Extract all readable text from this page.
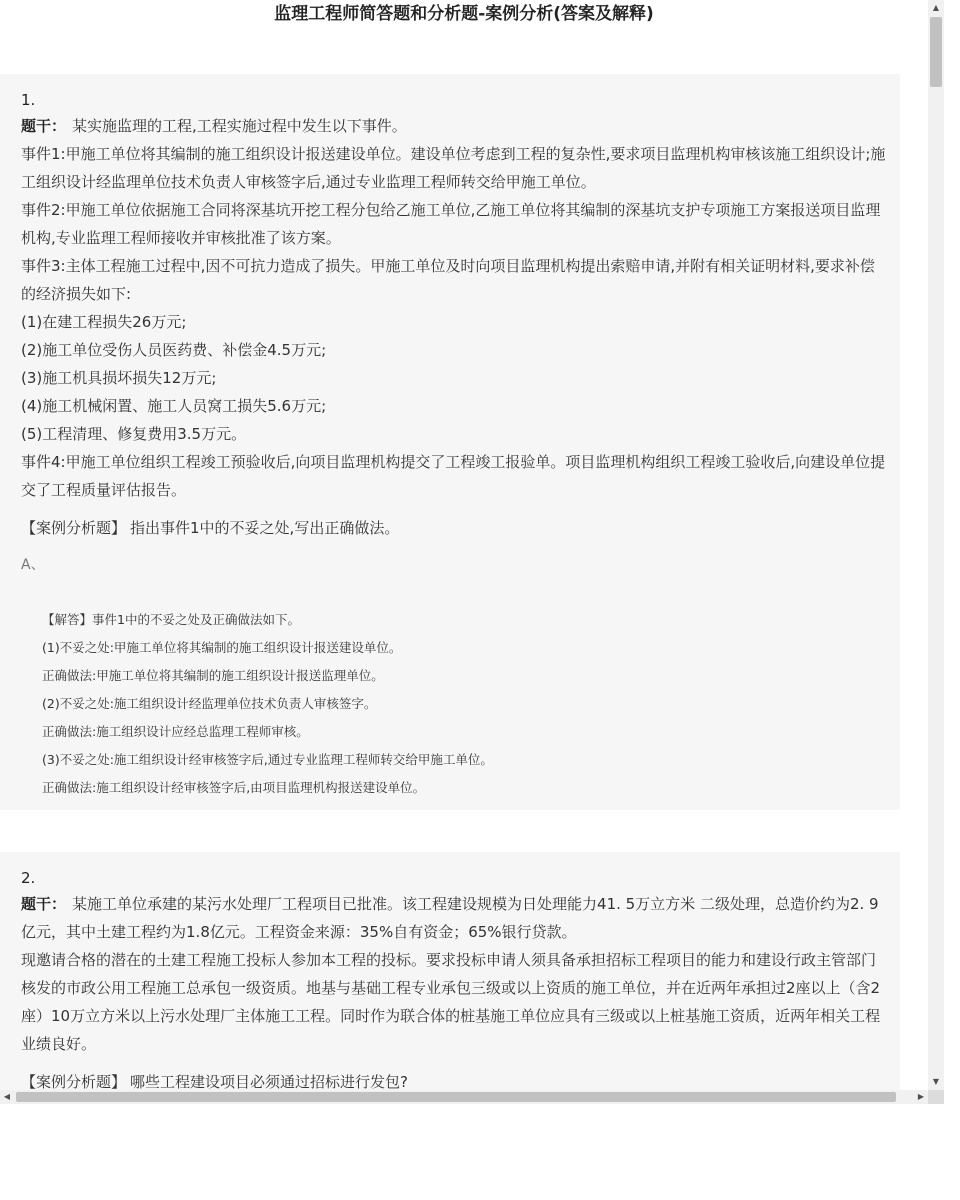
监理工程师简答题和分析题-案例分析(答案及解释)
1.

题干： 某实施监理的工程,工程实施过程中发生以下事件。

事件1:甲施工单位将其编制的施工组织设计报送建设单位。建设单位考虑到工程的复杂性,要求项目监理机构审核该施工组织设计;施工组织设计经监理单位技术负责人审核签字后,通过专业监理工程师转交给甲施工单位。

事件2:甲施工单位依据施工合同将深基坑开挖工程分包给乙施工单位,乙施工单位将其编制的深基坑支护专项施工方案报送项目监理机构,专业监理工程师接收并审核批准了该方案。

事件3:主体工程施工过程中,因不可抗力造成了损失。甲施工单位及时向项目监理机构提出索赔申请,并附有相关证明材料,要求补偿的经济损失如下:

(1)在建工程损失26万元;

(2)施工单位受伤人员医药费、补偿金4.5万元;

(3)施工机具损坏损失12万元;

(4)施工机械闲置、施工人员窝工损失5.6万元;

(5)工程清理、修复费用3.5万元。

事件4:甲施工单位组织工程竣工预验收后,向项目监理机构提交了工程竣工报验单。项目监理机构组织工程竣工验收后,向建设单位提交了工程质量评估报告。

【案例分析题】 指出事件1中的不妥之处,写出正确做法。
A、

【解答】事件1中的不妥之处及正确做法如下。

(1)不妥之处:甲施工单位将其编制的施工组织设计报送建设单位。

正确做法:甲施工单位将其编制的施工组织设计报送监理单位。

(2)不妥之处:施工组织设计经监理单位技术负责人审核签字。

正确做法:施工组织设计应经总监理工程师审核。

(3)不妥之处:施工组织设计经审核签字后,通过专业监理工程师转交给甲施工单位。

正确做法:施工组织设计经审核签字后,由项目监理机构报送建设单位。

2.

题干： 某施工单位承建的某污水处理厂工程项目已批准。该工程建设规模为日处理能力41. 5万立方米 二级处理，总造价约为2. 9亿元，其中土建工程约为1.8亿元。工程资金来源：35%自有资金；65%银行贷款。

现邀请合格的潜在的土建工程施工投标人参加本工程的投标。要求投标申请人须具备承担招标工程项目的能力和建设行政主管部门核发的市政公用工程施工总承包一级资质。地基与基础工程专业承包三级或以上资质的施工单位，并在近两年承担过2座以上（含2座）10万立方米以上污水处理厂主体施工工程。同时作为联合体的桩基施工单位应具有三级或以上桩基施工资质，近两年相关工程业绩良好。

【案例分析题】 哪些工程建设项目必须通过招标进行发包?
▲
▼
◀	▶
